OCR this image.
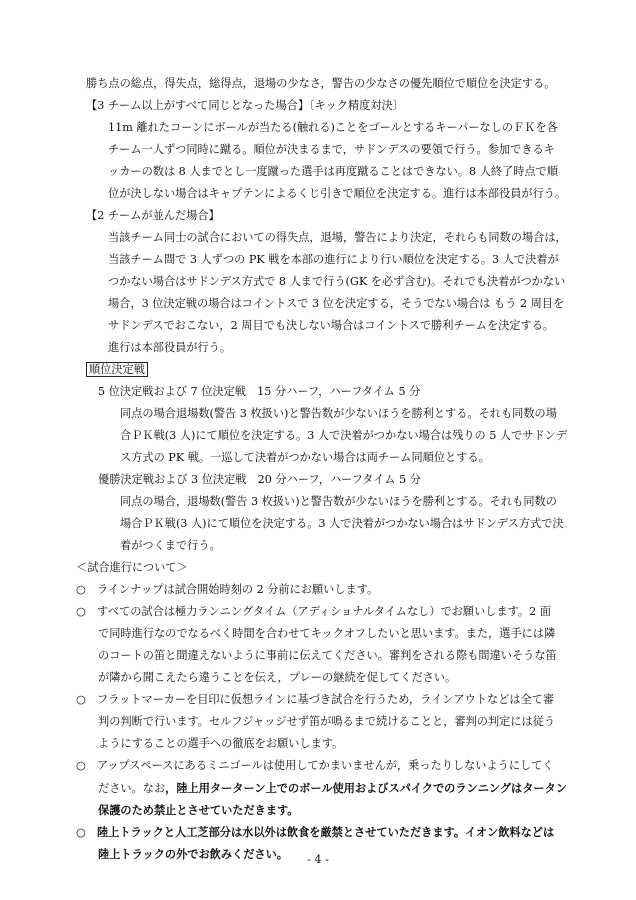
勝ち点の総点，得失点，総得点，退場の少なさ，警告の少なさの優先順位で順位を決定する。
【3 チーム以上がすべて同じとなった場合】〔キック精度対決〕
11m 離れたコーンにボールが当たる(触れる)ことをゴールとするキーパーなしのＦＫを各
チーム一人ずつ同時に蹴る。順位が決まるまで，サドンデスの要領で行う。参加できるキ
ッカーの数は 8 人までとし一度蹴った選手は再度蹴ることはできない。8 人終了時点で順
位が決しない場合はキャプテンによるくじ引きで順位を決定する。進行は本部役員が行う。
【2 チームが並んだ場合】
当該チーム同士の試合においての得失点，退場，警告により決定，それらも同数の場合は，
当該チーム間で 3 人ずつの PK 戦を本部の進行により行い順位を決定する。3 人で決着が
つかない場合はサドンデス方式で 8 人まで行う(GK を必ず含む)。それでも決着がつかない
場合，3 位決定戦の場合はコイントスで 3 位を決定する，そうでない場合は もう 2 周目を
サドンデスでおこない，2 周目でも決しない場合はコイントスで勝利チームを決定する。
進行は本部役員が行う。
順位決定戦
5 位決定戦および 7 位決定戦　15 分ハーフ，ハーフタイム 5 分
同点の場合退場数(警告 3 枚扱い)と警告数が少ないほうを勝利とする。それも同数の場
合ＰＫ戦(3 人)にて順位を決定する。3 人で決着がつかない場合は残りの 5 人でサドンデ
ス方式の PK 戦。一巡して決着がつかない場合は両チーム同順位とする。
優勝決定戦および 3 位決定戦　20 分ハーフ，ハーフタイム 5 分
同点の場合，退場数(警告 3 枚扱い)と警告数が少ないほうを勝利とする。それも同数の
場合ＰＫ戦(3 人)にて順位を決定する。3 人で決着がつかない場合はサドンデス方式で決
着がつくまで行う。
＜試合進行について＞
○　ラインナップは試合開始時刻の 2 分前にお願いします。
○　すべての試合は極力ランニングタイム（アディショナルタイムなし）でお願いします。2 面
で同時進行なのでなるべく時間を合わせてキックオフしたいと思います。また，選手には隣
のコートの笛と間違えないように事前に伝えてください。審判をされる際も間違いそうな笛
が隣から聞こえたら違うことを伝え，プレーの継続を促してください。
○　フラットマーカーを目印に仮想ラインに基づき試合を行うため，ラインアウトなどは全て審
判の判断で行います。セルフジャッジせず笛が鳴るまで続けることと，審判の判定には従う
ようにすることの選手への徹底をお願いします。
○　アップスペースにあるミニゴールは使用してかまいませんが，乗ったりしないようにしてく
ださい。なお，陸上用ターターン上でのボール使用およびスパイクでのランニングはタータン
保護のため禁止とさせていただきます。
○　陸上トラックと人工芝部分は水以外は飲食を厳禁とさせていただきます。イオン飲料などは
陸上トラックの外でお飲みください。	- 4 -
